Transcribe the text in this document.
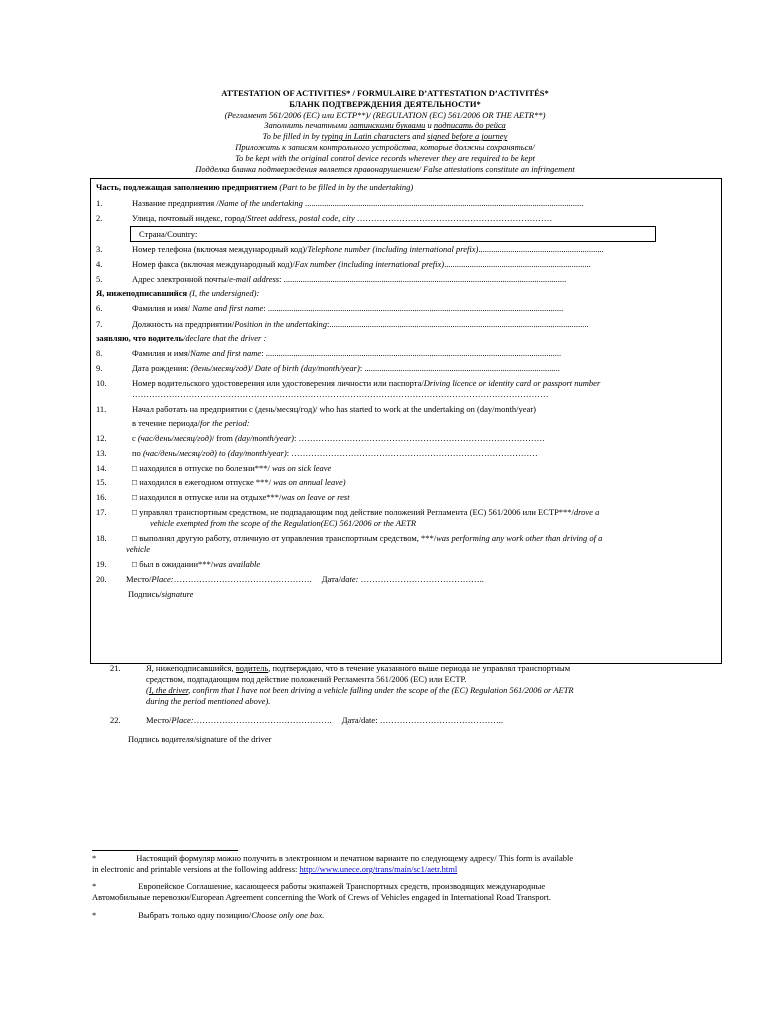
ATTESTATION OF ACTIVITIES* / FORMULAIRE D’ATTESTATION D’ACTIVITÉS*
БЛАНК ПОДТВЕРЖДЕНИЯ ДЕЯТЕЛЬНОСТИ*
(Регламент 561/2006 (ЕС) или ЕСТР**)/ (REGULATION (EC) 561/2006 OR THE AETR**)
Заполнить печатными латинскими буквами и подписать до рейса
To be filled in by typing in Latin characters and signed before a journey
Приложить к записям контрольного устройства, которые должны сохраняться/
To be kept with the original control device records wherever they are required to be kept
Подделка бланка подтверждения является правонарушением/ False attestations constitute an infringement
Часть, подлежащая заполнению предприятием (Part to be filled in by the undertaking)
1.	Название предприятия /Name of the undertaking ...................................................................................................................................
2.	Улица, почтовый индекс, город/Street address, postal code, city ……………………………………………………………
Страна/Country:
3.	Номер телефона (включая международный код)/Telephone number (including international prefix)...........................................................
4.	Номер факса (включая международный код)/Fax number (including international prefix).....................................................................
5.	Адрес электронной почты/e-mail address: .....................................................................................................................................
Я, нижеподписавшийся (I, the undersigned):
6.	Фамилия и имя/ Name and first name: ...........................................................................................................................................
7.	Должность на предприятии/Position in the undertaking:..........................................................................................................................
заявляю, что водитель/declare that the driver :
8.	Фамилия и имя/Name and first name: ...........................................................................................................................................
9.	Дата рождения: (день/месяц/год)/ Date of birth (day/month/year): ............................................................................................
10.	Номер водительского удостоверения или удостоверения личности или паспорта/Driving licence or identity card or passport number
…………………………………………………………………………………………………………………………………
11.	Начал работать на предприятии с (день/месяц/год)/ who has started to work at the undertaking on (day/month/year)
в течение периода/for the period:
12.	с (час/день/месяц/год)/ from (day/month/year): ……………………………………………………………………………
13.	по (час/день/месяц/год) to (day/month/year): ……………………………………………………………………………
14.	□ находился в отпуске по болезни***/ was on sick leave
15.	□ находился в ежегодном отпуске ***/ was on annual leave)
16.	□ находился в отпуске или на отдыхе***/was on leave or rest
17.	□ управлял транспортным средством, не подпадающим под действие положений Регламента (ЕС) 561/2006 или ЕСТР***/drove a
vehicle exempted from the scope of the Regulation(EC) 561/2006 or the AETR
18.	□ выполнял другую работу, отличную от управления транспортным средством, ***/was performing any work other than driving of a
vehicle
19.	□ был в ожидании***/was available
20. Место/Place:…………………………………………. Дата/date: ……………………………………..
Подпись/signature
21.	Я, нижеподписавшийся, водитель, подтверждаю, что в течение указанного выше периода не управлял транспортным
средством, подпадающим под действие положений Регламента 561/2006 (ЕС) или ЕСТР.
(I, the driver, confirm that I have not been driving a vehicle falling under the scope of the (EC) Regulation 561/2006 or AETR
during the period mentioned above).
22.	Место/Place:…………………………………………. Дата/date: ……………………………………..
Подпись водителя/signature of the driver
*	Настоящий формуляр можно получить в электронном и печатном варианте по следующему адресу/ This form is available
in electronic and printable versions at the following address: http://www.unece.org/trans/main/sc1/aetr.html
*	Европейское Соглашение, касающееся работы экипажей Транспортных средств, производящих международные
Автомобильные перевозки/European Agreement concerning the Work of Crews of Vehicles engaged in International Road Transport.
*	Выбрать только одну позицию/Choose only one box.
